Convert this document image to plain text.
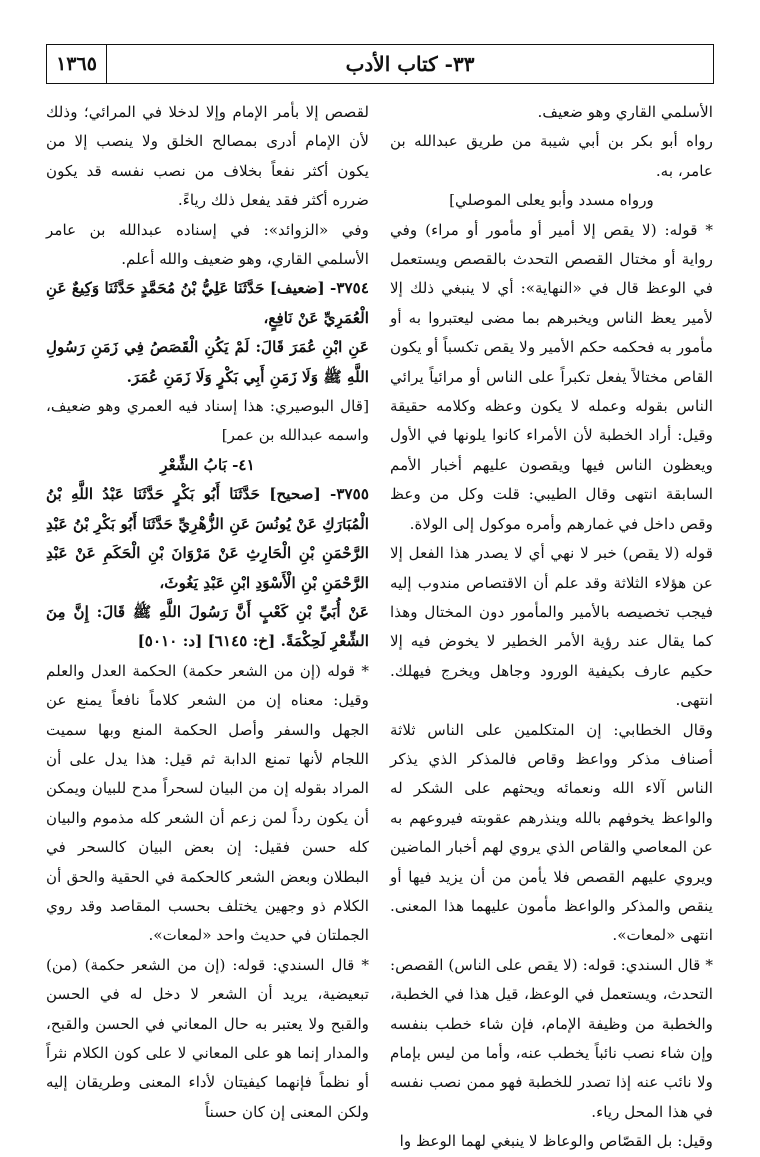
١٣٦٥	٣٣- كتاب الأدب

الأسلمي القاري وهو ضعيف.

رواه أبو بكر بن أبي شيبة من طريق عبدالله بن عامر، به.

ورواه مسدد وأبو يعلى الموصلي]

* قوله: (لا يقص إلا أمير أو مأمور أو مراء) وفي رواية أو مختال القصص التحدث بالقصص ويستعمل في الوعظ قال في «النهاية»: أي لا ينبغي ذلك إلا لأمير يعظ الناس ويخبرهم بما مضى ليعتبروا به أو مأمور به فحكمه حكم الأمير ولا يقص تكسباً أو يكون القاص مختالاً يفعل تكبراً على الناس أو مرائياً يرائي الناس بقوله وعمله لا يكون وعظه وكلامه حقيقة وقيل: أراد الخطبة لأن الأمراء كانوا يلونها في الأول ويعظون الناس فيها ويقصون عليهم أخبار الأمم السابقة انتهى وقال الطيبي: قلت وكل من وعظ وقص داخل في غمارهم وأمره موكول إلى الولاة.

قوله (لا يقص) خبر لا نهي أي لا يصدر هذا الفعل إلا عن هؤلاء الثلاثة وقد علم أن الاقتصاص مندوب إليه فيجب تخصيصه بالأمير والمأمور دون المختال وهذا كما يقال عند رؤية الأمر الخطير لا يخوض فيه إلا حكيم عارف بكيفية الورود وجاهل ويخرج فيهلك. انتهى.

وقال الخطابي: إن المتكلمين على الناس ثلاثة أصناف مذكر وواعظ وقاص فالمذكر الذي يذكر الناس آلاء الله ونعمائه ويحثهم على الشكر له والواعظ يخوفهم بالله وينذرهم عقوبته فيروعهم به عن المعاصي والقاص الذي يروي لهم أخبار الماضين ويروي عليهم القصص فلا يأمن من أن يزيد فيها أو ينقص والمذكر والواعظ مأمون عليهما هذا المعنى. انتهى «لمعات».

* قال السندي: قوله: (لا يقص على الناس) القصص: التحدث، ويستعمل في الوعظ، قيل هذا في الخطبة، والخطبة من وظيفة الإمام، فإن شاء خطب بنفسه وإن شاء نصب نائباً يخطب عنه، وأما من ليس بإمام ولا نائب عنه إذا تصدر للخطبة فهو ممن نصب نفسه في هذا المحل رياء.

وقيل: بل القصّاص والوعاظ لا ينبغي لهما الوعظ وا

لقصص إلا بأمر الإمام وإلا لدخلا في المرائي؛ وذلك لأن الإمام أدرى بمصالح الخلق ولا ينصب إلا من يكون أكثر نفعاً بخلاف من نصب نفسه قد يكون ضرره أكثر فقد يفعل ذلك رياءً.

وفي «الزوائد»: في إسناده عبدالله بن عامر الأسلمي القاري، وهو ضعيف والله أعلم.

٣٧٥٤- [ضعيف] حَدَّثَنَا عَلِيُّ بْنُ مُحَمَّدٍ حَدَّثَنَا وَكِيعٌ عَنِ الْعُمَرِيِّ عَنْ نَافِعٍ،

عَنِ ابْنِ عُمَرَ قَالَ: لَمْ يَكُنِ الْقَصَصُ فِي زَمَنِ رَسُولِ اللَّهِ ﷺ وَلَا زَمَنِ أَبِي بَكْرٍ وَلَا زَمَنِ عُمَرَ.

[قال البوصيري: هذا إسناد فيه العمري وهو ضعيف، واسمه عبدالله بن عمر]

٤١- بَابُ الشِّعْرِ

٣٧٥٥- [صحيح] حَدَّثَنَا أَبُو بَكْرٍ حَدَّثَنَا عَبْدُ اللَّهِ بْنُ الْمُبَارَكِ عَنْ يُونُسَ عَنِ الزُّهْرِيِّ حَدَّثَنَا أَبُو بَكْرِ بْنُ عَبْدِ الرَّحْمَنِ بْنِ الْحَارِثِ عَنْ مَرْوَانَ بْنِ الْحَكَمِ عَنْ عَبْدِ الرَّحْمَنِ بْنِ الْأَسْوَدِ ابْنِ عَبْدِ يَغُوثَ،

عَنْ أُبَيِّ بْنِ كَعْبٍ أَنَّ رَسُولَ اللَّهِ ﷺ قَالَ: إِنَّ مِنَ الشِّعْرِ لَحِكْمَةً. [خ: ٦١٤٥] [د: ٥٠١٠]

* قوله (إن من الشعر حكمة) الحكمة العدل والعلم وقيل: معناه إن من الشعر كلاماً نافعاً يمنع عن الجهل والسفر وأصل الحكمة المنع وبها سميت اللجام لأنها تمنع الدابة ثم قيل: هذا يدل على أن المراد بقوله إن من البيان لسحراً مدح للبيان ويمكن أن يكون رداً لمن زعم أن الشعر كله مذموم والبيان كله حسن فقيل: إن بعض البيان كالسحر في البطلان وبعض الشعر كالحكمة في الحقية والحق أن الكلام ذو وجهين يختلف بحسب المقاصد وقد روي الجملتان في حديث واحد «لمعات».

* قال السندي: قوله: (إن من الشعر حكمة) (من) تبعيضية، يريد أن الشعر لا دخل له في الحسن والقبح ولا يعتبر به حال المعاني في الحسن والقبح، والمدار إنما هو على المعاني لا على كون الكلام نثراً أو نظماً فإنهما كيفيتان لأداء المعنى وطريقان إليه ولكن المعنى إن كان حسناً
